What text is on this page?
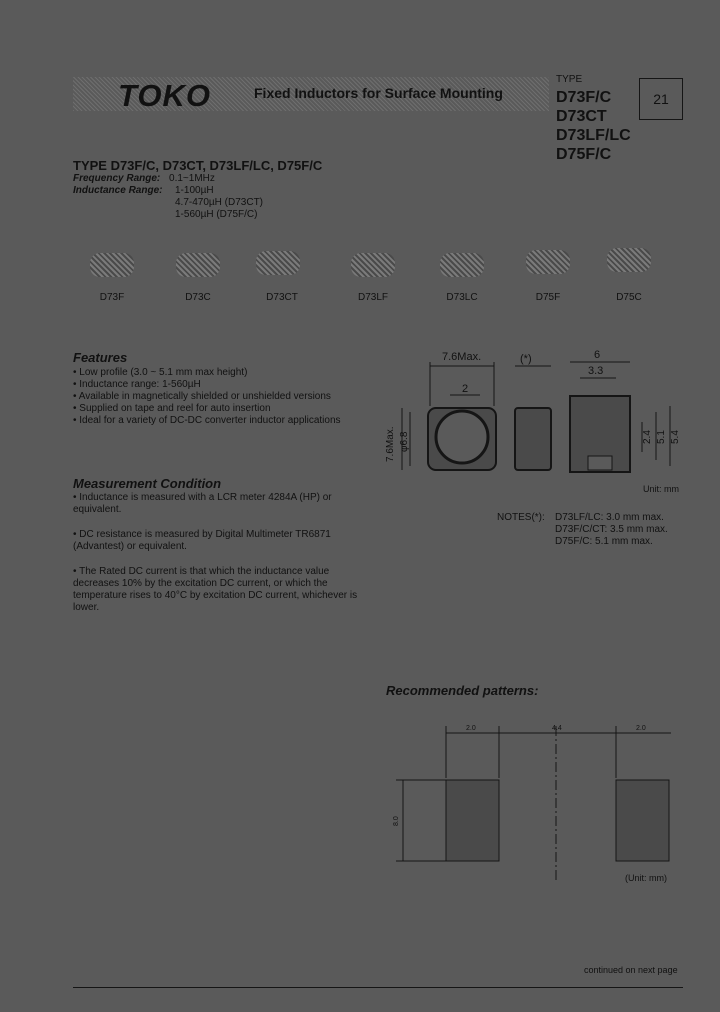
TOKO	Fixed Inductors for Surface Mounting
TYPE
D73F/C
D73CT
D73LF/LC
D75F/C
21
TYPE D73F/C, D73CT, D73LF/LC, D75F/C
Frequency Range: 0.1~1MHz
Inductance Range: 1-100µH
4.7-470µH (D73CT)
1-560µH (D75F/C)
D73F	D73C	D73CT	D73LF	D73LC	D75F	D75C
Features
• Low profile (3.0 ~ 5.1 mm max height)
• Inductance range: 1-560µH
• Available in magnetically shielded or unshielded versions
• Supplied on tape and reel for auto insertion
• Ideal for a variety of DC-DC converter inductor applications
Measurement Condition
• Inductance is measured with a LCR meter 4284A (HP) or equivalent.
• DC resistance is measured by Digital Multimeter TR6871 (Advantest) or equivalent.
• The Rated DC current is that which the inductance value decreases 10% by the excitation DC current, or which the temperature rises to 40°C by excitation DC current, whichever is lower.
7.6Max.
2
7.6Max. φ6.8
(*)	6
3.3
2.4 5.1 5.4
Unit: mm
NOTES(*): D73LF/LC: 3.0 mm max.
D73F/C/CT: 3.5 mm max.
D75F/C: 5.1 mm max.
Recommended patterns:
2.0	4.4	2.0
8.0
(Unit: mm)
continued on next page
